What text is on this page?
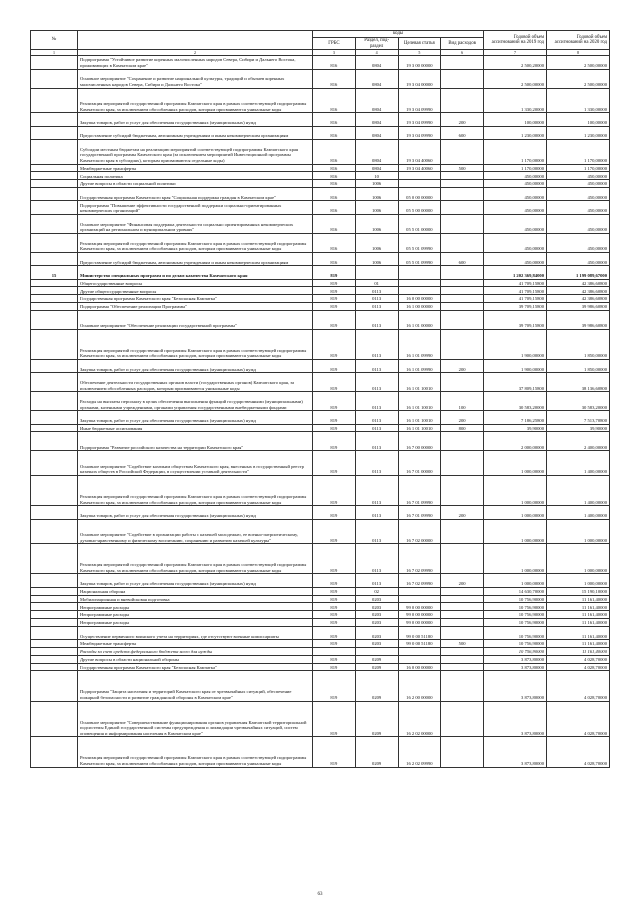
№		коды				Годовой объем ассигнований на 2019 год	Годовой объем ассигнований на 2020 год
		ГРБС	Раздел, под-раздел	Целевая статья	Вид расходов		
1	2	3	4	5	6	7	8
	Подпрограмма "Устойчивое развитие коренных малочисленных народов Севера, Сибири и Дальнего Востока, проживающих в Камчатском крае"	816	0804	19 3 00 00000		2 500,20000	2 500,00000
	Основное мероприятие "Сохранение и развитие национальной культуры, традиций и обычаев коренных малочисленных народов Севера, Сибири и Дальнего Востока"	816	0804	19 3 04 00000		2 500,00000	2 500,00000
	Реализация мероприятий государственной программы Камчатского края в рамках соответствующей подпрограммы Камчатского края, за исключением обособленных расходов, которым присваиваются уникальные коды	816	0804	19 3 04 09990		1 330,20000	1 330,00000
	Закупка товаров, работ и услуг для обеспечения государственных (муниципальных) нужд	816	0804	19 3 04 09990	200	100,00000	100,00000
	Предоставление субсидий бюджетным, автономным учреждениям и иным некоммерческим организациям	816	0804	19 3 04 09990	600	1 230,00000	1 230,00000
	Субсидии местным бюджетам на реализацию мероприятий соответствующей подпрограммы Камчатского края государственной программы Камчатского края (за исключением мероприятий Инвестиционной программы Камчатского края в субсидиях), которым присваиваются отдельные коды)	816	0804	19 3 04 40060		1 170,00000	1 170,00000
	Межбюджетные трансферты	816	0804	19 3 04 40060	500	1 170,00000	1 170,00000
	Социальная политика	816	10			450,00000	450,00000
	Другие вопросы в области социальной политики	816	1006			450,00000	450,00000
	Государственная программа Камчатского края "Социальная поддержка граждан в Камчатском крае"	816	1006	05 0 00 00000		450,00000	450,00000
	Подпрограмма "Повышение эффективности государственной поддержки социально-ориентированных некоммерческих организаций"	816	1006	05 5 00 00000		450,00000	450,00000
	Основное мероприятие "Финансовая поддержка деятельности социально ориентированных некоммерческих организаций на региональном и муниципальном уровнях"	816	1006	05 5 01 00000		450,00000	450,00000
	Реализация мероприятий государственной программы Камчатского края в рамках соответствующей подпрограммы Камчатского края, за исключением обособленных расходов, которым присваиваются уникальные коды	816	1006	05 5 01 09990		450,00000	450,00000
	Предоставление субсидий бюджетным, автономным учреждениям и иным некоммерческим организациям	816	1006	05 5 01 09990	600	450,00000	450,00000
15	Министерство специальных программ и по делам казачества Камчатского края	819				1 202 369,84000	1 199 089,67000
	Общегосударственные вопросы	819	01			41 709,15800	42 386,60800
	Другие общегосударственные вопросы	819	0113			41 709,15800	42 386,60800
	Государственная программа Камчатского края "Безопасная Камчатка"	819	0113	16 0 00 00000		41 709,15800	42 386,60800
	Подпрограмма "Обеспечение реализации Программы"	819	0113	16 1 00 00000		39 709,15800	39 986,60800
	Основное мероприятие "Обеспечение реализации государственной программы"	819	0113	16 1 01 00000		39 709,15800	39 986,60800
	Реализация мероприятий государственной программы Камчатского края в рамках соответствующей подпрограммы Камчатского края, за исключением обособленных расходов, которым присваиваются уникальные коды	819	0113	16 1 01 09990		1 900,00000	1 850,00000
	Закупка товаров, работ и услуг для обеспечения государственных (муниципальных) нужд	819	0113	16 1 01 09990	200	1 900,00000	1 850,00000
	Обеспечение деятельности государственных органов власти (государственных органов) Камчатского края, за исключением обособленных расходов, которым присваиваются уникальные коды	819	0113	16 1 01 10010		37 809,15800	38 136,60800
	Расходы на выплаты персоналу в целях обеспечения выполнения функций государственными (муниципальными) органами, казенными учреждениями, органами управления государственными внебюджетными фондами	819	0113	16 1 01 10010	100	30 583,20000	30 583,20000
	Закупка товаров, работ и услуг для обеспечения государственных (муниципальных) нужд	819	0113	16 1 01 10010	200	7 186,25800	7 513,70800
	Иные бюджетные ассигнования	819	0113	16 1 01 10010	800	39,90000	39,90000
	Подпрограмма "Развитие российского казачества на территории Камчатского края"	819	0113	16 7 00 00000		2 000,00000	2 400,00000
	Основное мероприятие "Содействие казачьим обществам Камчатского края, внесенных в государственный реестр казачьих обществ в Российской Федерации, в осуществлении уставной деятельности"	819	0113	16 7 01 00000		1 000,00000	1 400,00000
	Реализация мероприятий государственной программы Камчатского края в рамках соответствующей подпрограммы Камчатского края, за исключением обособленных расходов, которым присваиваются уникальные коды	819	0113	16 7 01 09990		1 000,00000	1 400,00000
	Закупка товаров, работ и услуг для обеспечения государственных (муниципальных) нужд	819	0113	16 7 01 09990	200	1 000,00000	1 400,00000
	Основное мероприятие "Содействие в организации работы с казачьей молодежью, ее военно-патриотическому, духовно-нравственному и физическому воспитанию, сохранению и развитию казачьей культуры"	819	0113	16 7 02 00000		1 000,00000	1 000,00000
	Реализация мероприятий государственной программы Камчатского края в рамках соответствующей подпрограммы Камчатского края, за исключением обособленных расходов, которым присваиваются уникальные коды	819	0113	16 7 02 09990		1 000,00000	1 000,00000
	Закупка товаров, работ и услуг для обеспечения государственных (муниципальных) нужд	819	0113	16 7 02 09990	200	1 000,00000	1 000,00000
	Национальная оборона	819	02			14 630,70000	15 190,10000
	Мобилизационная и вневойсковая подготовка	819	0203			10 756,90000	11 161,40000
	Непрограммные расходы	819	0203	99 0 00 00000		10 756,90000	11 161,40000
	Непрограммные расходы	819	0203	99 0 00 00000		10 756,90000	11 161,40000
	Непрограммные расходы	819	0203	99 0 00 00000		10 756,90000	11 161,40000
	Осуществление первичного воинского учета на территориях, где отсутствуют военные комиссариаты	819	0203	99 0 00 51180		10 756,90000	11 161,40000
	Межбюджетные трансферты	819	0203	99 0 00 51180	500	10 756,90000	11 161,40000
	Расходы за счет средств федерального бюджета всего для нужды					10 756,90000	11 161,40000
	Другие вопросы в области национальной обороны	819	0209			3 873,80000	4 028,70000
	Государственная программа Камчатского края "Безопасная Камчатка"	819	0209	16 0 00 00000		3 873,80000	4 028,70000
	Подпрограмма "Защита населения и территорий Камчатского края от чрезвычайных ситуаций, обеспечение пожарной безопасности и развитие гражданской обороны в Камчатском крае"	819	0209	16 2 00 00000		3 873,80000	4 028,70000
	Основное мероприятие "Совершенствование функционирования органов управления Камчатской территориальной подсистемы Единой государственной системы предупреждения и ликвидации чрезвычайных ситуаций, систем оповещения и информирования населения в Камчатском крае"	819	0209	16 2 02 00000		3 873,80000	4 028,70000
	Реализация мероприятий государственной программы Камчатского края в рамках соответствующей подпрограммы Камчатского края, за исключением обособленных расходов, которым присваиваются уникальные коды	819	0209	16 2 02 09990		3 873,80000	4 028,70000
63
